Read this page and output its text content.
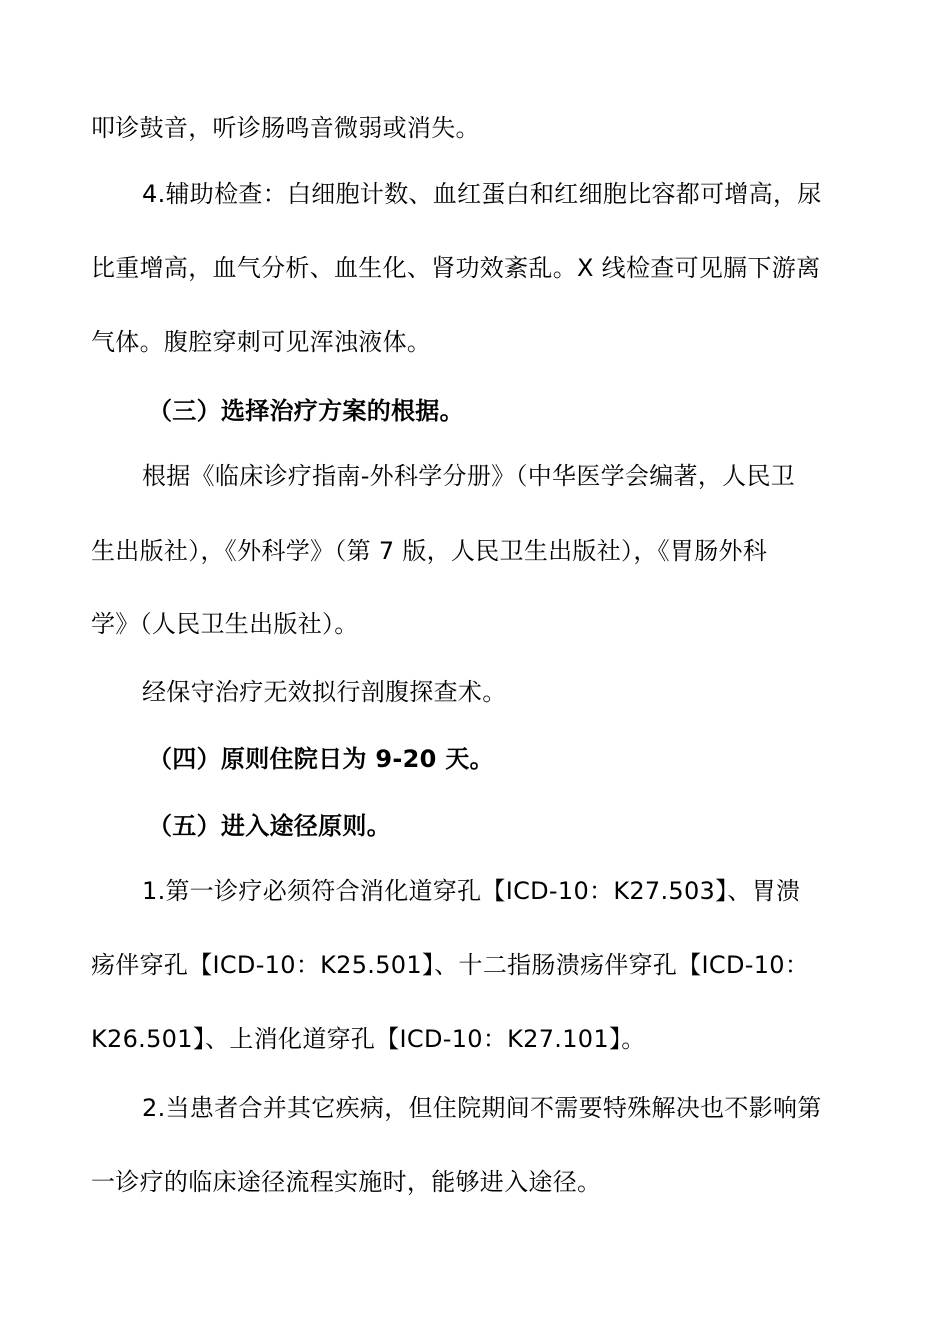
叩诊鼓音，听诊肠鸣音微弱或消失。
4.辅助检查：白细胞计数、血红蛋白和红细胞比容都可增高，尿
比重增高，血气分析、血生化、肾功效紊乱。X 线检查可见膈下游离
气体。腹腔穿刺可见浑浊液体。
（三）选择治疗方案的根据。
根据《临床诊疗指南-外科学分册》（中华医学会编著，人民卫
生出版社），《外科学》（第 7 版，人民卫生出版社），《胃肠外科
学》（人民卫生出版社）。
经保守治疗无效拟行剖腹探查术。
（四）原则住院日为 9-20 天。
（五）进入途径原则。
1.第一诊疗必须符合消化道穿孔【ICD-10：K27.503】、胃溃
疡伴穿孔【ICD-10：K25.501】、十二指肠溃疡伴穿孔【ICD-10：
K26.501】、上消化道穿孔【ICD-10：K27.101】。
2.当患者合并其它疾病，但住院期间不需要特殊解决也不影响第
一诊疗的临床途径流程实施时，能够进入途径。
